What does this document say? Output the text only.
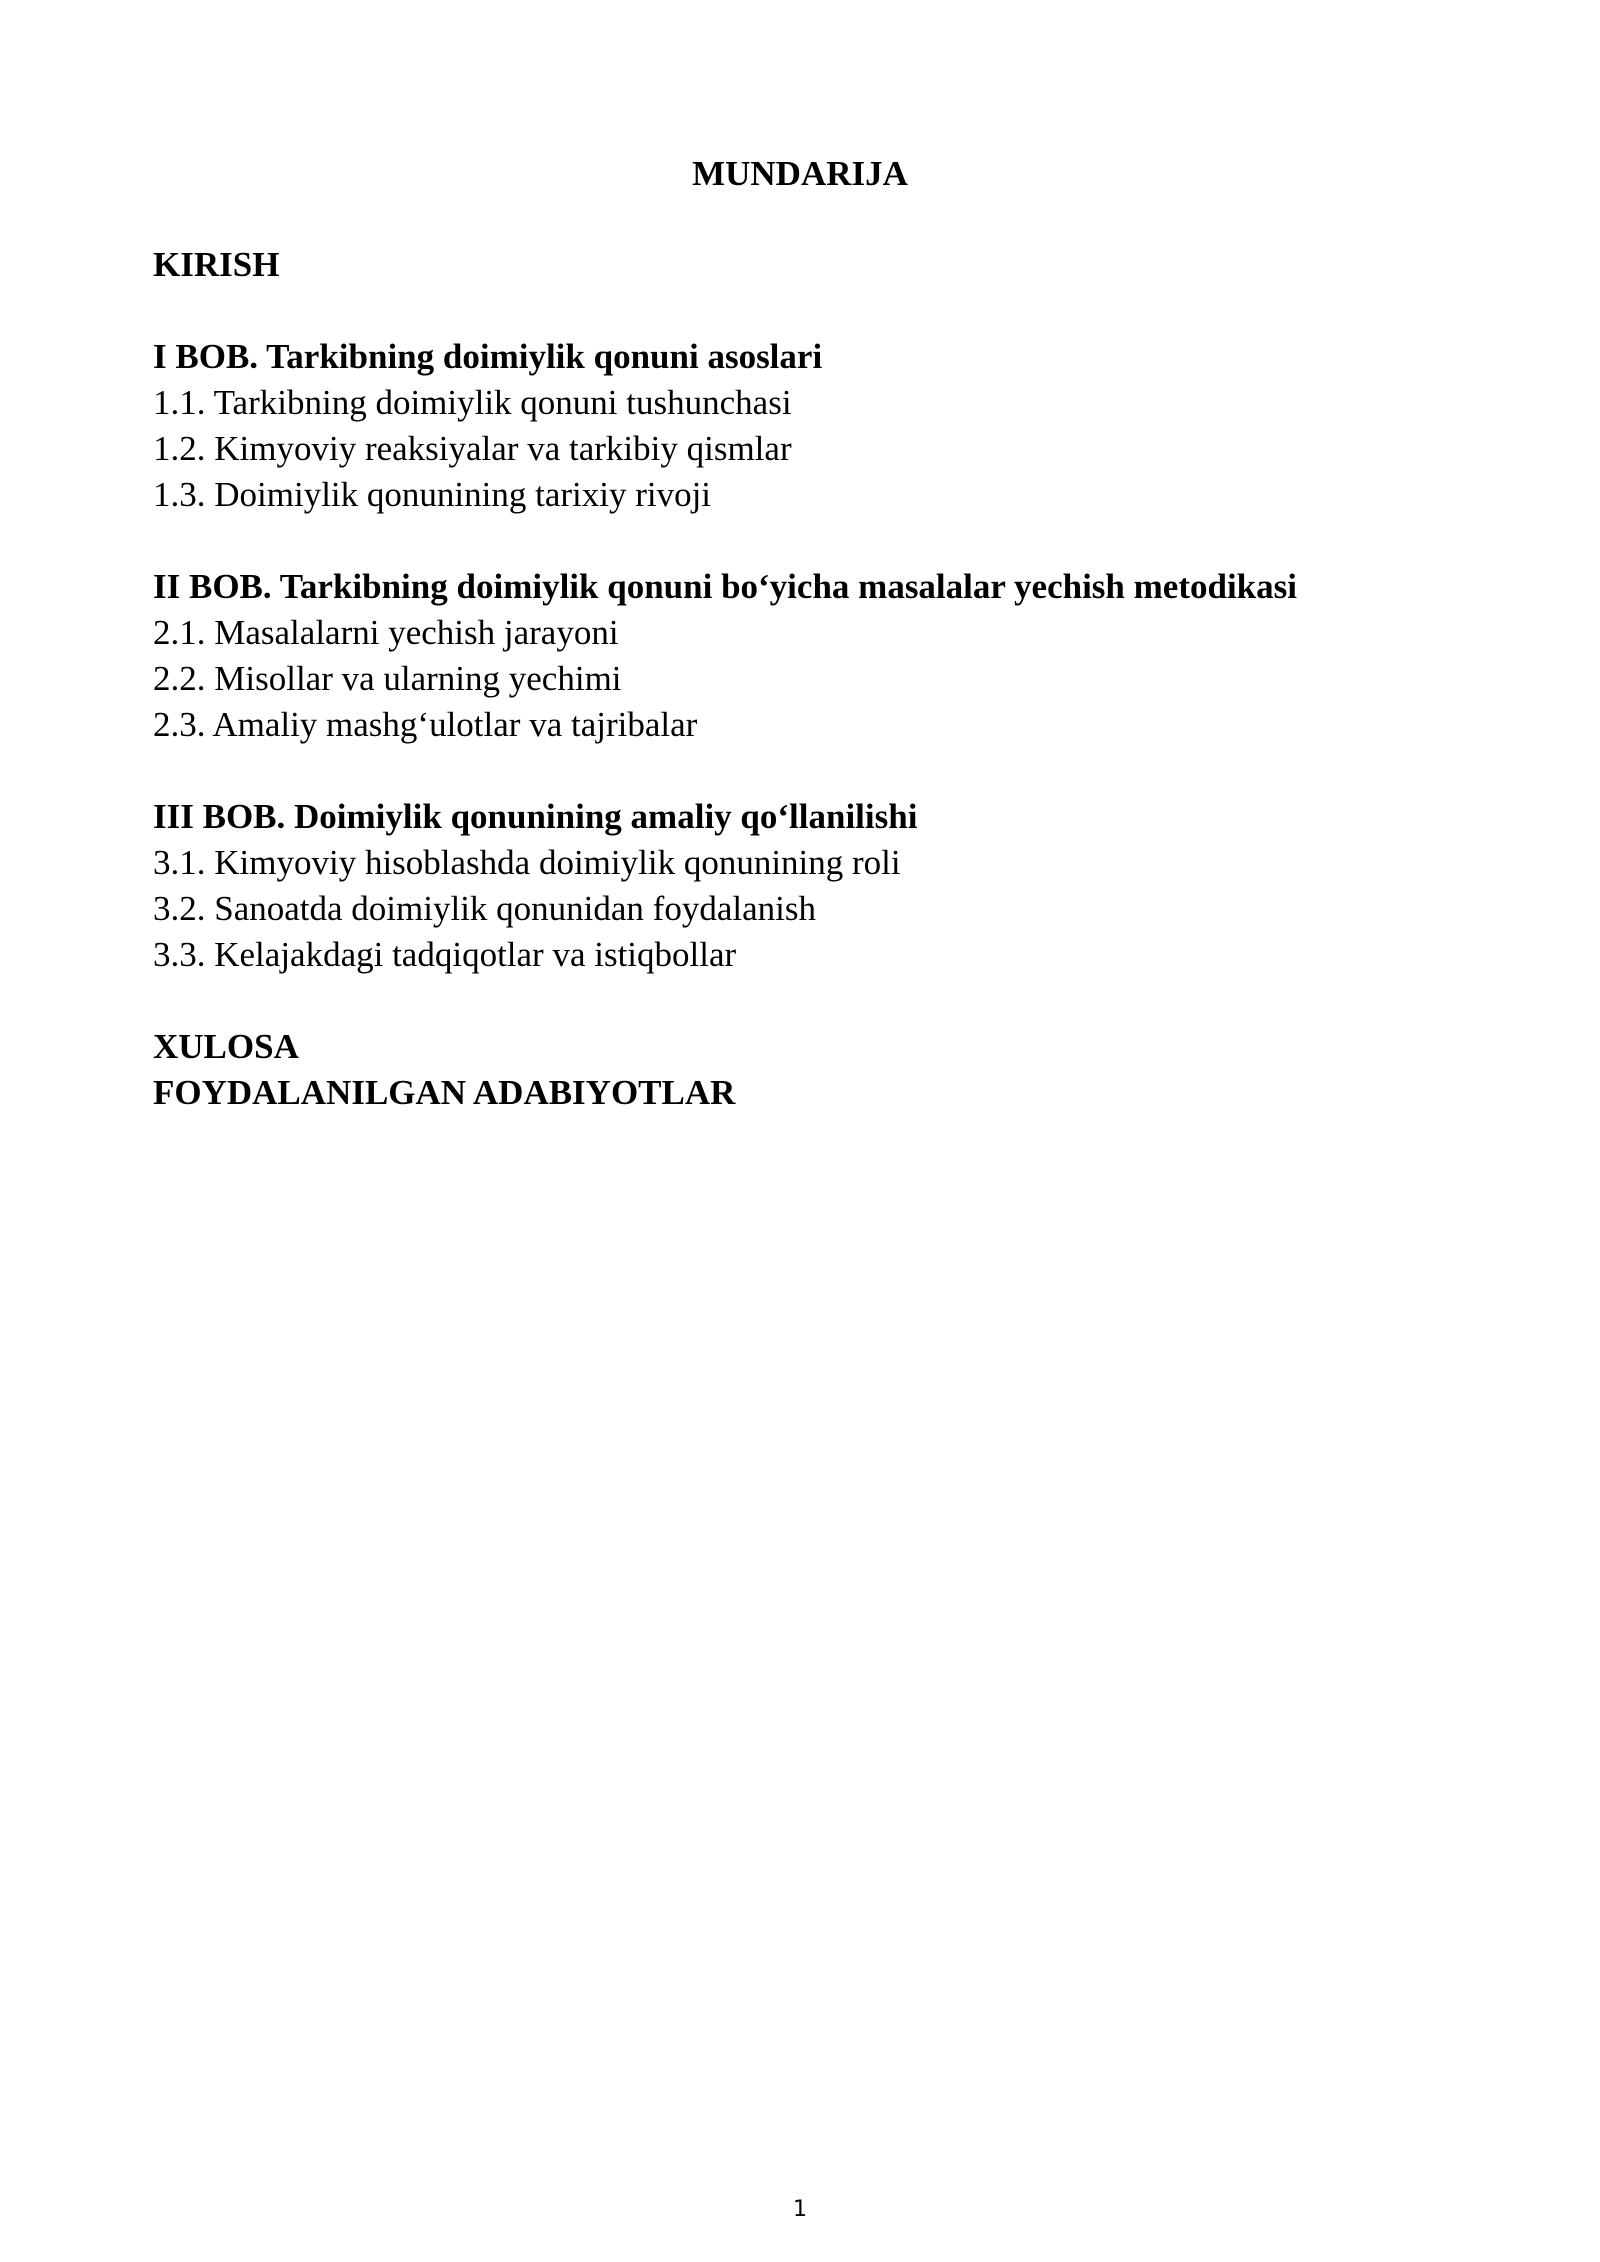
MUNDARIJA
KIRISH
I BOB. Tarkibning doimiylik qonuni asoslari
1.1. Tarkibning doimiylik qonuni tushunchasi
1.2. Kimyoviy reaksiyalar va tarkibiy qismlar
1.3. Doimiylik qonunining tarixiy rivoji
II BOB. Tarkibning doimiylik qonuni bo‘yicha masalalar yechish metodikasi
2.1. Masalalarni yechish jarayoni
2.2. Misollar va ularning yechimi
2.3. Amaliy mashg‘ulotlar va tajribalar
III BOB. Doimiylik qonunining amaliy qo‘llanilishi
3.1. Kimyoviy hisoblashda doimiylik qonunining roli
3.2. Sanoatda doimiylik qonunidan foydalanish
3.3. Kelajakdagi tadqiqotlar va istiqbollar
XULOSA
FOYDALANILGAN ADABIYOTLAR
1
